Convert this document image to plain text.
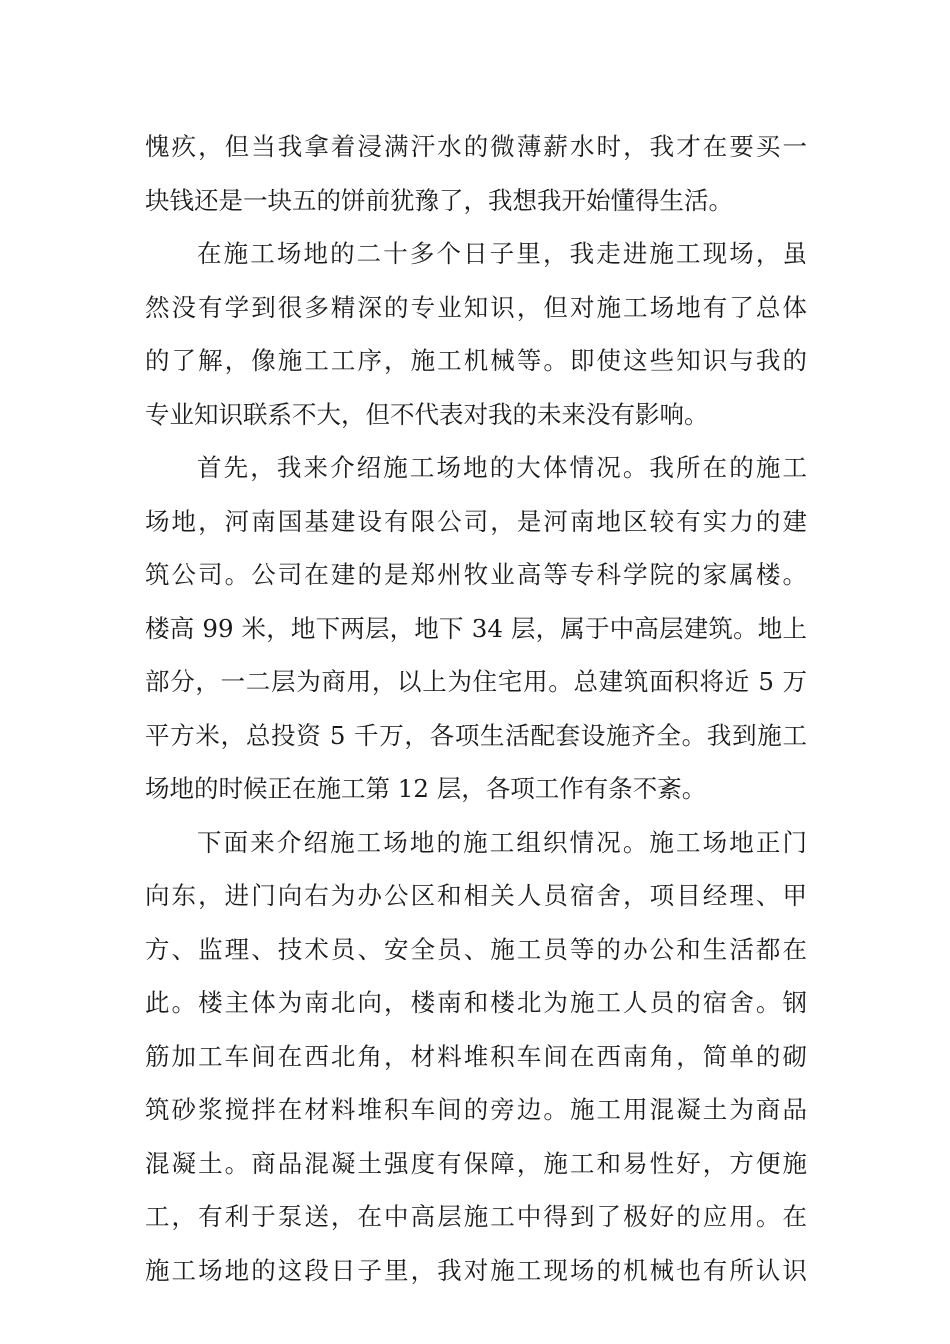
愧疚，但当我拿着浸满汗水的微薄薪水时，我才在要买一
块钱还是一块五的饼前犹豫了，我想我开始懂得生活。
在施工场地的二十多个日子里，我走进施工现场，虽
然没有学到很多精深的专业知识，但对施工场地有了总体
的了解，像施工工序，施工机械等。即使这些知识与我的
专业知识联系不大，但不代表对我的未来没有影响。
首先，我来介绍施工场地的大体情况。我所在的施工
场地，河南国基建设有限公司，是河南地区较有实力的建
筑公司。公司在建的是郑州牧业高等专科学院的家属楼。
楼高 99 米，地下两层，地下 34 层，属于中高层建筑。地上
部分，一二层为商用，以上为住宅用。总建筑面积将近 5 万
平方米，总投资 5 千万，各项生活配套设施齐全。我到施工
场地的时候正在施工第 12 层，各项工作有条不紊。
下面来介绍施工场地的施工组织情况。施工场地正门
向东，进门向右为办公区和相关人员宿舍，项目经理、甲
方、监理、技术员、安全员、施工员等的办公和生活都在
此。楼主体为南北向，楼南和楼北为施工人员的宿舍。钢
筋加工车间在西北角，材料堆积车间在西南角，简单的砌
筑砂浆搅拌在材料堆积车间的旁边。施工用混凝土为商品
混凝土。商品混凝土强度有保障，施工和易性好，方便施
工，有利于泵送，在中高层施工中得到了极好的应用。在
施工场地的这段日子里，我对施工现场的机械也有所认识
